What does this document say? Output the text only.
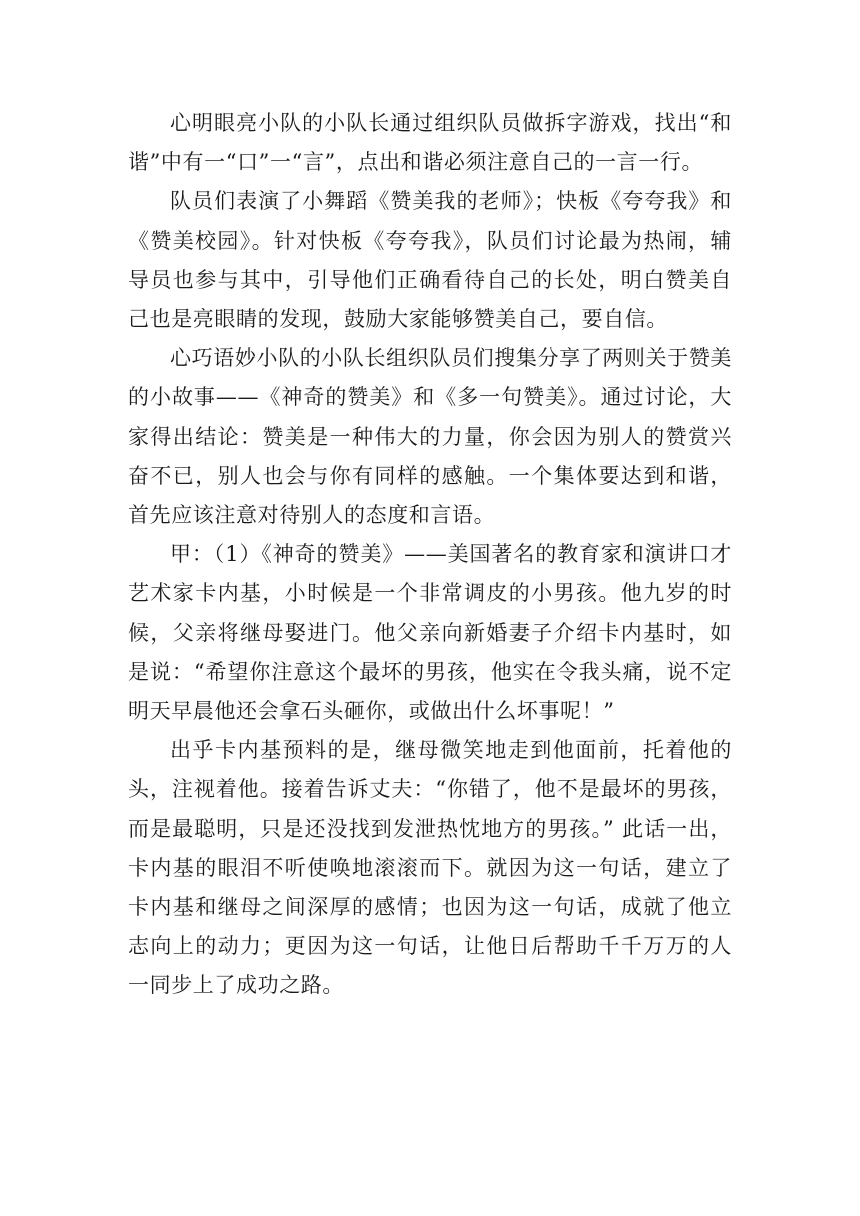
心明眼亮小队的小队长通过组织队员做拆字游戏，找出“和谐”中有一“口”一“言”，点出和谐必须注意自己的一言一行。

队员们表演了小舞蹈《赞美我的老师》；快板《夸夸我》和《赞美校园》。针对快板《夸夸我》，队员们讨论最为热闹，辅导员也参与其中，引导他们正确看待自己的长处，明白赞美自己也是亮眼睛的发现，鼓励大家能够赞美自己，要自信。

心巧语妙小队的小队长组织队员们搜集分享了两则关于赞美的小故事——《神奇的赞美》和《多一句赞美》。通过讨论，大家得出结论：赞美是一种伟大的力量，你会因为别人的赞赏兴奋不已，别人也会与你有同样的感触。一个集体要达到和谐，首先应该注意对待别人的态度和言语。

甲：（1）《神奇的赞美》——美国著名的教育家和演讲口才艺术家卡内基，小时候是一个非常调皮的小男孩。他九岁的时候，父亲将继母娶进门。他父亲向新婚妻子介绍卡内基时，如是说：“希望你注意这个最坏的男孩，他实在令我头痛，说不定明天早晨他还会拿石头砸你，或做出什么坏事呢！”

出乎卡内基预料的是，继母微笑地走到他面前，托着他的头，注视着他。接着告诉丈夫：“你错了，他不是最坏的男孩，而是最聪明，只是还没找到发泄热忱地方的男孩。” 此话一出，卡内基的眼泪不听使唤地滚滚而下。就因为这一句话，建立了卡内基和继母之间深厚的感情；也因为这一句话，成就了他立志向上的动力；更因为这一句话，让他日后帮助千千万万的人一同步上了成功之路。
